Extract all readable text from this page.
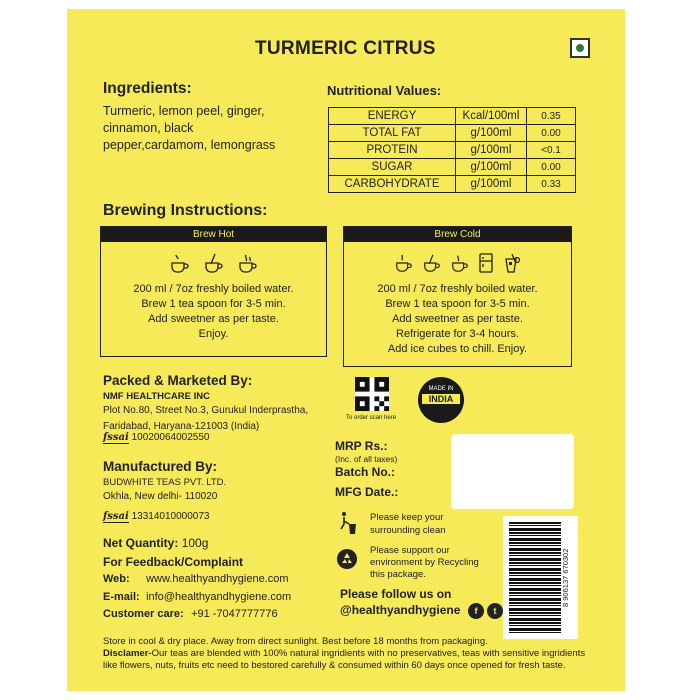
TURMERIC CITRUS
Ingredients:
Turmeric, lemon peel, ginger,
cinnamon, black
pepper,cardamom, lemongrass
Nutritional Values:
ENERGY	Kcal/100ml	0.35
TOTAL FAT	g/100ml	0.00
PROTEIN	g/100ml	<0.1
SUGAR	g/100ml	0.00
CARBOHYDRATE	g/100ml	0.33
Brewing Instructions:
Brew Hot
200 ml / 7oz freshly boiled water.
Brew 1 tea spoon for 3-5 min.
Add sweetner as per taste.
Enjoy.
Brew Cold
200 ml / 7oz freshly boiled water.
Brew 1 tea spoon for 3-5 min.
Add sweetner as per taste.
Refrigerate for 3-4 hours.
Add ice cubes to chill. Enjoy.
Packed & Marketed By:
NMF HEALTHCARE INC
Plot No.80, Street No.3, Gurukul Inderprastha,
Faridabad, Haryana-121003 (India)
fssai 10020064002550
To order scan here
MADE IN
INDIA
MRP Rs.:
(Inc. of all taxes)
Batch No.:
MFG Date.:
Manufactured By:
BUDWHITE TEAS PVT. LTD.
Okhla, New delhi- 110020
fssai 13314010000073
Net Quantity: 100g
For Feedback/Complaint
Web: www.healthyandhygiene.com
E-mail: info@healthyandhygiene.com
Customer care: +91 -7047777776
Please keep your
surrounding clean
Please support our
environment by Recycling
this package.
Please follow us on
@healthyandhygiene	f t
8 906137 670302
Store in cool & dry place. Away from direct sunlight. Best before 18 months from packaging.
Disclamer-Our teas are blended with 100% natural ingridients with no preservatives, teas with sensitive ingridients like flowers, nuts, fruits etc need to bestored carefully & consumed within 60 days once opened for fresh taste.
